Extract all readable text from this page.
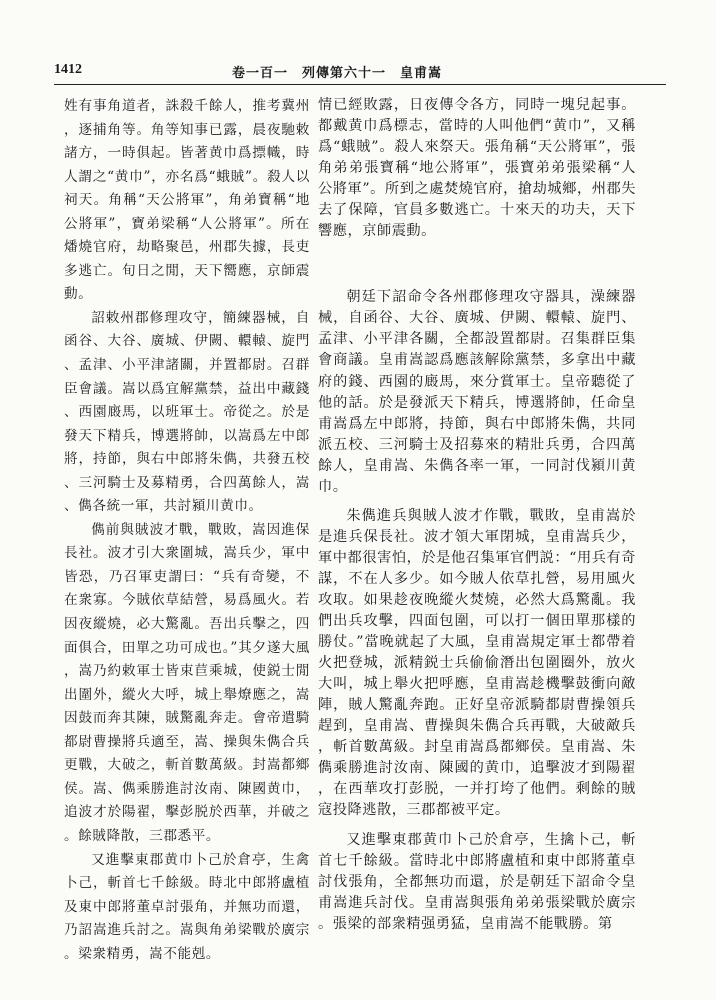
1412	卷一百一　列傳第六十一　皇甫嵩

姓有事角道者，誅殺千餘人，推考冀州，逐捕角等。角等知事已露，晨夜馳敕諸方，一時俱起。皆著黄巾爲摽幟，時人謂之“黄巾”，亦名爲“蛾賊”。殺人以祠天。角稱“天公將軍”，角弟寶稱“地公將軍”，寶弟梁稱“人公將軍”。所在燔燒官府，劫略聚邑，州郡失據，長吏多逃亡。旬日之閒，天下嚮應，京師震動。

詔敕州郡修理攻守，簡練器械，自函谷、大谷、廣城、伊闕、轘轅、旋門、孟津、小平津諸關，并置都尉。召群臣會議。嵩以爲宜解黨禁，益出中藏錢、西園廄馬，以班軍士。帝從之。於是發天下精兵，博選將帥，以嵩爲左中郎將，持節，與右中郎將朱儁，共發五校、三河騎士及募精勇，合四萬餘人，嵩、儁各統一軍，共討潁川黄巾。

儁前與賊波才戰，戰敗，嵩因進保長社。波才引大衆圍城，嵩兵少，軍中皆恐，乃召軍吏謂曰：“兵有奇變，不在衆寡。今賊依草結營，易爲風火。若因夜縱燒，必大驚亂。吾出兵擊之，四面俱合，田單之功可成也。”其夕遂大風，嵩乃約敕軍士皆束苣乘城，使鋭士閒出圍外，縱火大呼，城上舉燎應之，嵩因鼓而奔其陳，賊驚亂奔走。會帝遣騎都尉曹操將兵適至，嵩、操與朱儁合兵更戰，大破之，斬首數萬級。封嵩都鄉侯。嵩、儁乘勝進討汝南、陳國黄巾，追波才於陽翟，擊彭脱於西華，并破之。餘賊降散，三郡悉平。

又進擊東郡黄巾卜己於倉亭，生禽卜己，斬首七千餘級。時北中郎將盧植及東中郎將董卓討張角，并無功而還，乃詔嵩進兵討之。嵩與角弟梁戰於廣宗。梁衆精勇，嵩不能剋。

情已經敗露，日夜傳令各方，同時一塊兒起事。都戴黄巾爲標志，當時的人叫他們“黄巾”，又稱爲“蛾賊”。殺人來祭天。張角稱“天公將軍”，張角弟弟張寶稱“地公將軍”，張寶弟弟張梁稱“人公將軍”。所到之處焚燒官府，搶劫城鄉，州郡失去了保障，官員多數逃亡。十來天的功夫，天下響應，京師震動。

朝廷下詔命令各州郡修理攻守器具，澡練器械，自函谷、大谷、廣城、伊闕、轘轅、旋門、孟津、小平津各關，全都設置都尉。召集群臣集會商議。皇甫嵩認爲應該解除黨禁，多拿出中藏府的錢、西園的廄馬，來分賞軍士。皇帝聽從了他的話。於是發派天下精兵，博選將帥，任命皇甫嵩爲左中郎將，持節，與右中郎將朱儁，共同派五校、三河騎士及招募來的精壯兵勇，合四萬餘人，皇甫嵩、朱儁各率一軍，一同討伐潁川黄巾。

朱儁進兵與賊人波才作戰，戰敗，皇甫嵩於是進兵保長社。波才領大軍閉城，皇甫嵩兵少，軍中都很害怕，於是他召集軍官們説：“用兵有奇謀，不在人多少。如今賊人依草扎營，易用風火攻取。如果趁夜晚縱火焚燒，必然大爲驚亂。我們出兵攻擊，四面包圍，可以打一個田單那樣的勝仗。”當晚就起了大風，皇甫嵩規定軍士都帶着火把登城，派精鋭士兵偷偷潛出包圍圈外，放火大叫，城上舉火把呼應，皇甫嵩趁機擊鼓衝向敵陣，賊人驚亂奔跑。正好皇帝派騎都尉曹操領兵趕到，皇甫嵩、曹操與朱儁合兵再戰，大破敵兵，斬首數萬級。封皇甫嵩爲都鄉侯。皇甫嵩、朱儁乘勝進討汝南、陳國的黄巾，追擊波才到陽翟，在西華攻打彭脱，一并打垮了他們。剩餘的賊寇投降逃散，三郡都被平定。

又進擊東郡黄巾卜己於倉亭，生擒卜己，斬首七千餘級。當時北中郎將盧植和東中郎將董卓討伐張角，全都無功而還，於是朝廷下詔命令皇甫嵩進兵討伐。皇甫嵩與張角弟弟張梁戰於廣宗。張梁的部衆精强勇猛，皇甫嵩不能戰勝。第
